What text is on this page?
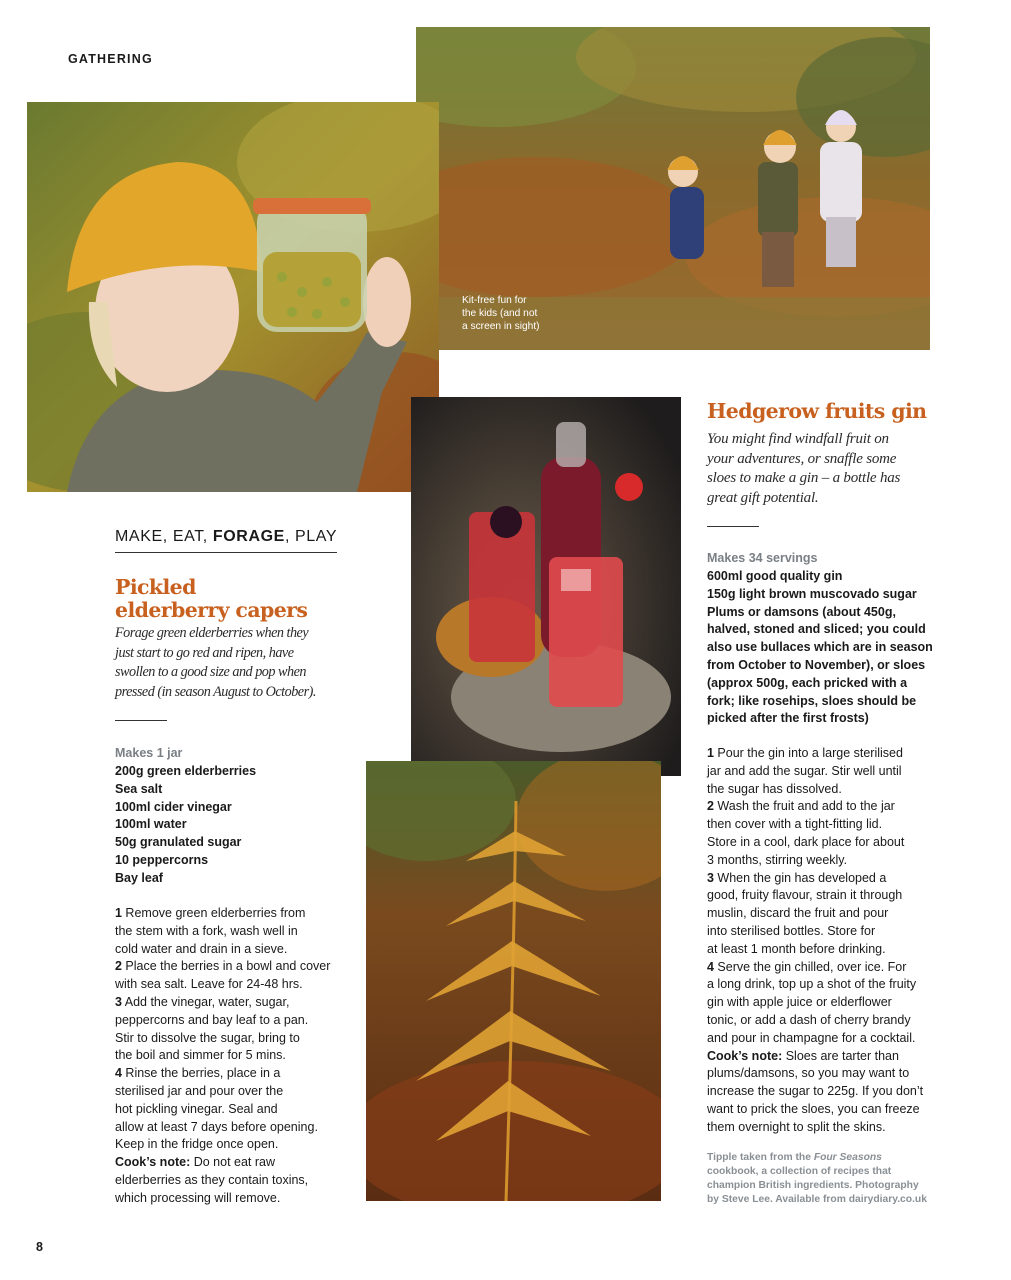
GATHERING
Kit-free fun for
the kids (and not
a screen in sight)
MAKE, EAT, FORAGE, PLAY
Pickled
elderberry capers
Forage green elderberries when they
just start to go red and ripen, have
swollen to a good size and pop when
pressed (in season August to October).
Makes 1 jar
200g green elderberries
Sea salt
100ml cider vinegar
100ml water
50g granulated sugar
10 peppercorns
Bay leaf

1 Remove green elderberries from

the stem with a fork, wash well in

cold water and drain in a sieve.

2 Place the berries in a bowl and cover

with sea salt. Leave for 24-48 hrs.

3 Add the vinegar, water, sugar,

peppercorns and bay leaf to a pan.

Stir to dissolve the sugar, bring to

the boil and simmer for 5 mins.

4 Rinse the berries, place in a

sterilised jar and pour over the

hot pickling vinegar. Seal and

allow at least 7 days before opening.

Keep in the fridge once open.

Cook’s note: Do not eat raw

elderberries as they contain toxins,

which processing will remove.

Hedgerow fruits gin
You might find windfall fruit on
your adventures, or snaffle some
sloes to make a gin – a bottle has
great gift potential.
Makes 34 servings
600ml good quality gin
150g light brown muscovado sugar
Plums or damsons (about 450g,
halved, stoned and sliced; you could
also use bullaces which are in season
from October to November), or sloes
(approx 500g, each pricked with a
fork; like rosehips, sloes should be
picked after the first frosts)

1 Pour the gin into a large sterilised

jar and add the sugar. Stir well until

the sugar has dissolved.

2 Wash the fruit and add to the jar

then cover with a tight-fitting lid.

Store in a cool, dark place for about

3 months, stirring weekly.

3 When the gin has developed a

good, fruity flavour, strain it through

muslin, discard the fruit and pour

into sterilised bottles. Store for

at least 1 month before drinking.

4 Serve the gin chilled, over ice. For

a long drink, top up a shot of the fruity

gin with apple juice or elderflower

tonic, or add a dash of cherry brandy

and pour in champagne for a cocktail.

Cook’s note: Sloes are tarter than

plums/damsons, so you may want to

increase the sugar to 225g. If you don’t

want to prick the sloes, you can freeze

them overnight to split the skins.

Tipple taken from the Four Seasons
cookbook, a collection of recipes that
champion British ingredients. Photography
by Steve Lee. Available from dairydiary.co.uk
8
